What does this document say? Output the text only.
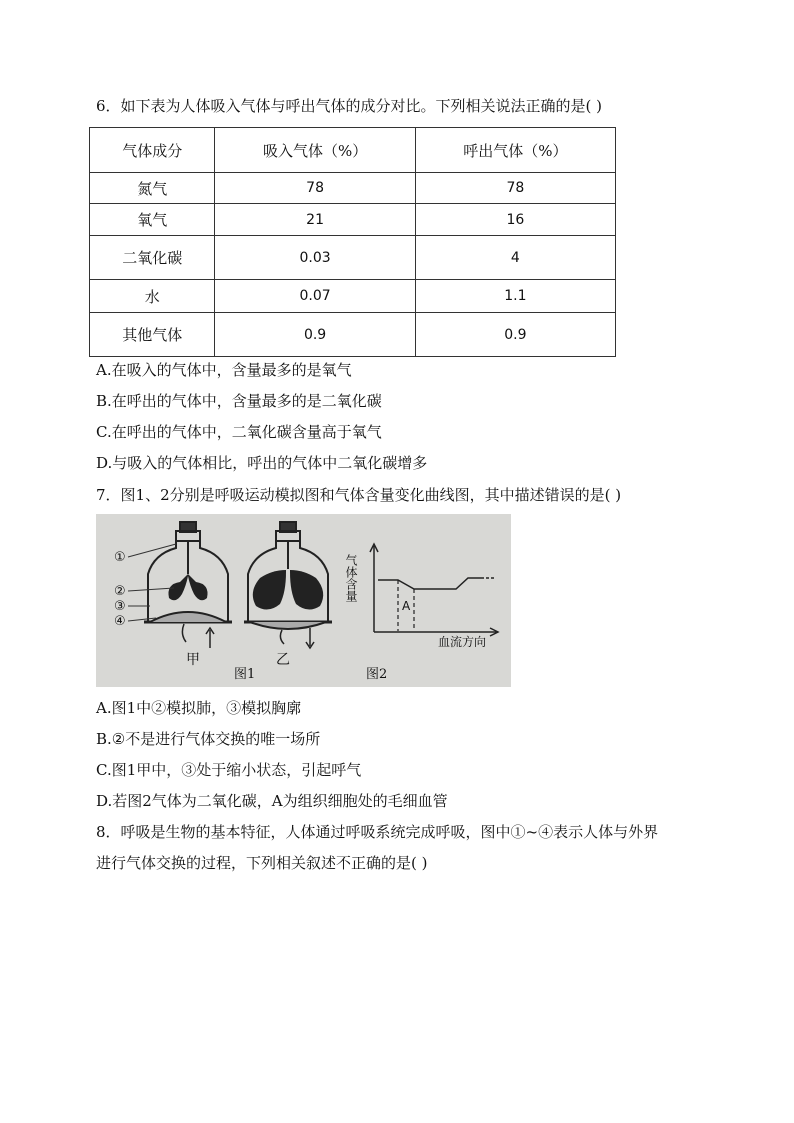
6．如下表为人体吸入气体与呼出气体的成分对比。下列相关说法正确的是( )
气体成分	吸入气体（%）	呼出气体（%）
氮气	78	78
氧气	21	16
二氧化碳	0.03	4
水	0.07	1.1
其他气体	0.9	0.9
A.在吸入的气体中，含量最多的是氧气
B.在呼出的气体中，含量最多的是二氧化碳
C.在呼出的气体中，二氧化碳含量高于氧气
D.与吸入的气体相比，呼出的气体中二氧化碳增多
7．图1、2分别是呼吸运动模拟图和气体含量变化曲线图，其中描述错误的是( )
①
②
③
④
甲	乙
图1
气体含量
A
血流方向
图2
A.图1中②模拟肺，③模拟胸廓
B.②不是进行气体交换的唯一场所
C.图1甲中，③处于缩小状态，引起呼气
D.若图2气体为二氧化碳，A为组织细胞处的毛细血管
8．呼吸是生物的基本特征，人体通过呼吸系统完成呼吸，图中①~④表示人体与外界
进行气体交换的过程，下列相关叙述不正确的是( )
